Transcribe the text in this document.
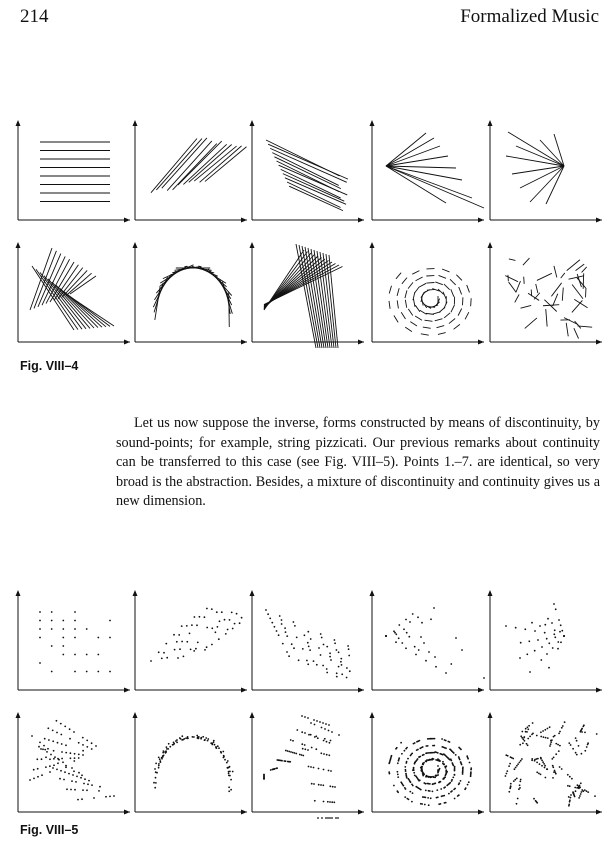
214	Formalized Music
Fig. VIII–4

Let us now suppose the inverse, forms constructed by means of discontinuity, by sound-points; for example, string pizzicati. Our previous remarks about continuity can be transferred to this case (see Fig. VIII–5). Points 1.–7. are identical, so very broad is the abstraction. Besides, a mixture of discontinuity and continuity gives us a new dimension.

Fig. VIII–5
